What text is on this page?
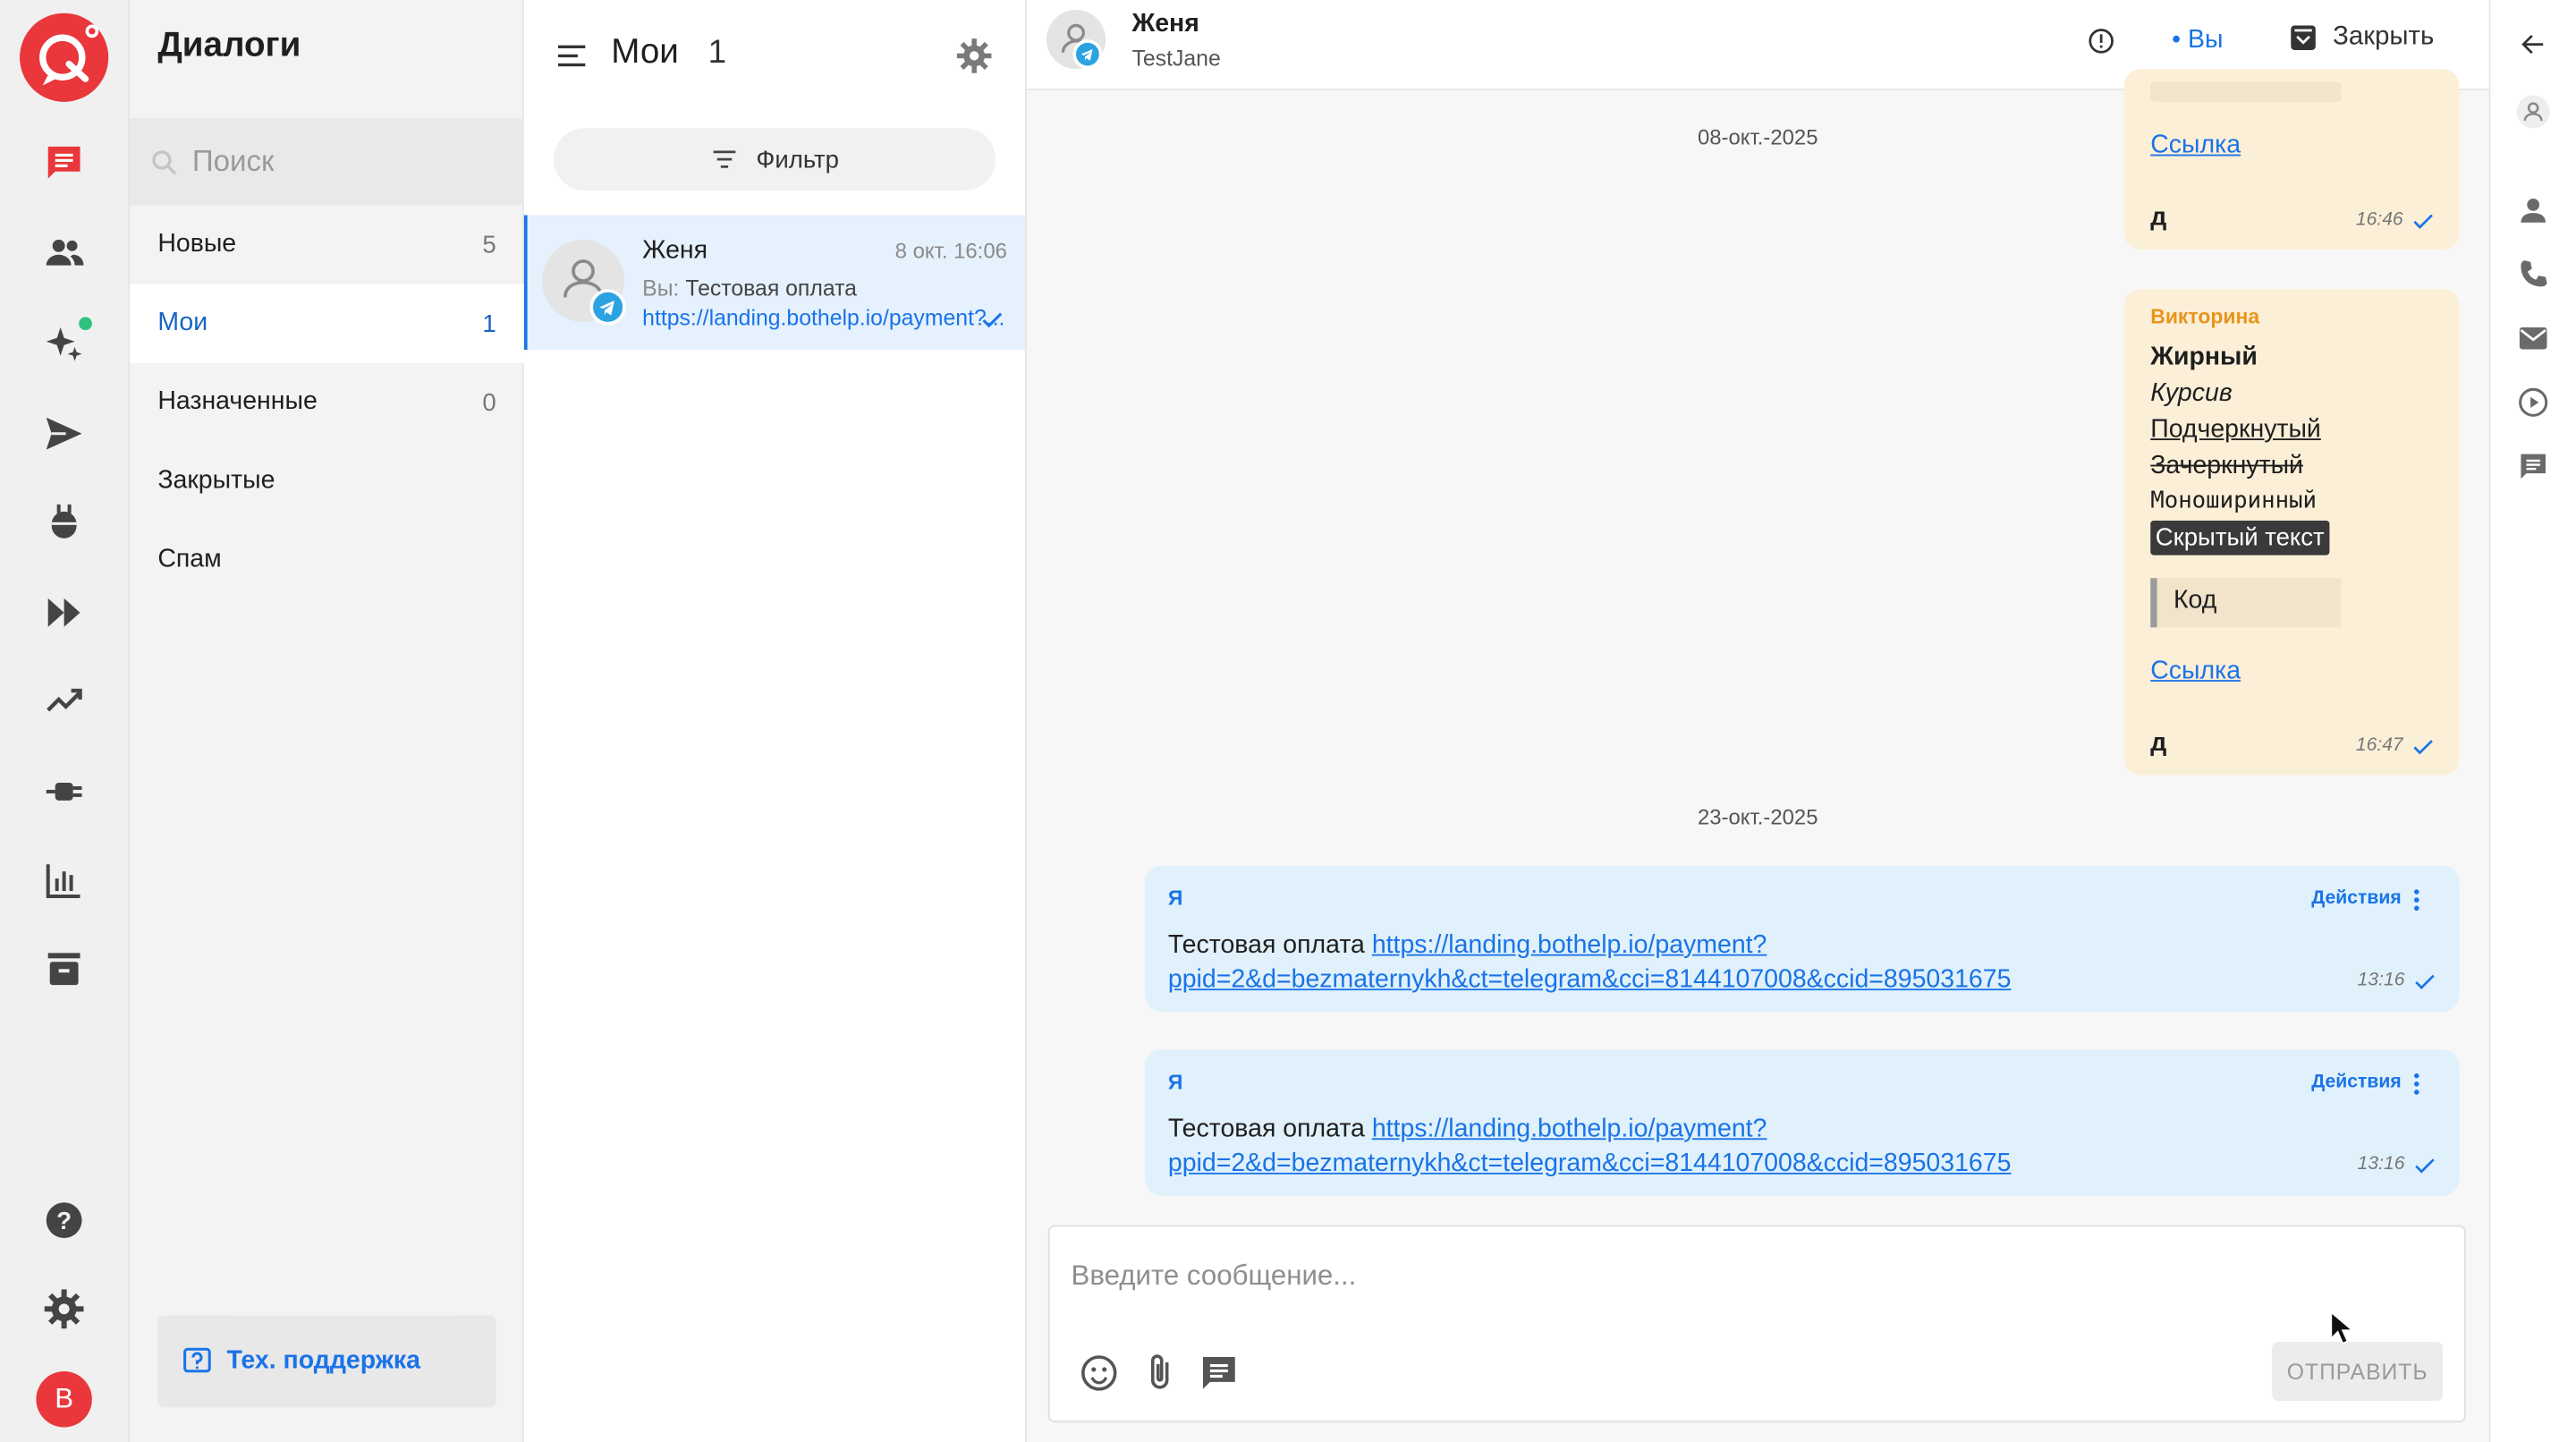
?
В
Диалоги
Поиск
Новые	5
Мои	1
Назначенные	0
Закрытые
Спам
Тех. поддержка
Мои 1
Фильтр
Женя	8 окт. 16:06
Вы: Тестовая оплата https://landing.bothelp.io/payment?...
Женя
TestJane
• Вы	Закрыть
08-окт.-2025	Ссылка
д	16:46
Викторина
Жирный
Курсив
Подчеркнутый
Зачеркнутый
Моноширинный
Скрытый текст
Код
Ссылка
д	16:47
23-окт.-2025
Я	Действия
Тестовая оплата https://landing.bothelp.io/payment?
ppid=2&d=bezmaternykh&ct=telegram&cci=8144107008&ccid=895031675	13:16
Я	Действия
Тестовая оплата https://landing.bothelp.io/payment?
ppid=2&d=bezmaternykh&ct=telegram&cci=8144107008&ccid=895031675	13:16
Введите сообщение...
ОТПРАВИТЬ
